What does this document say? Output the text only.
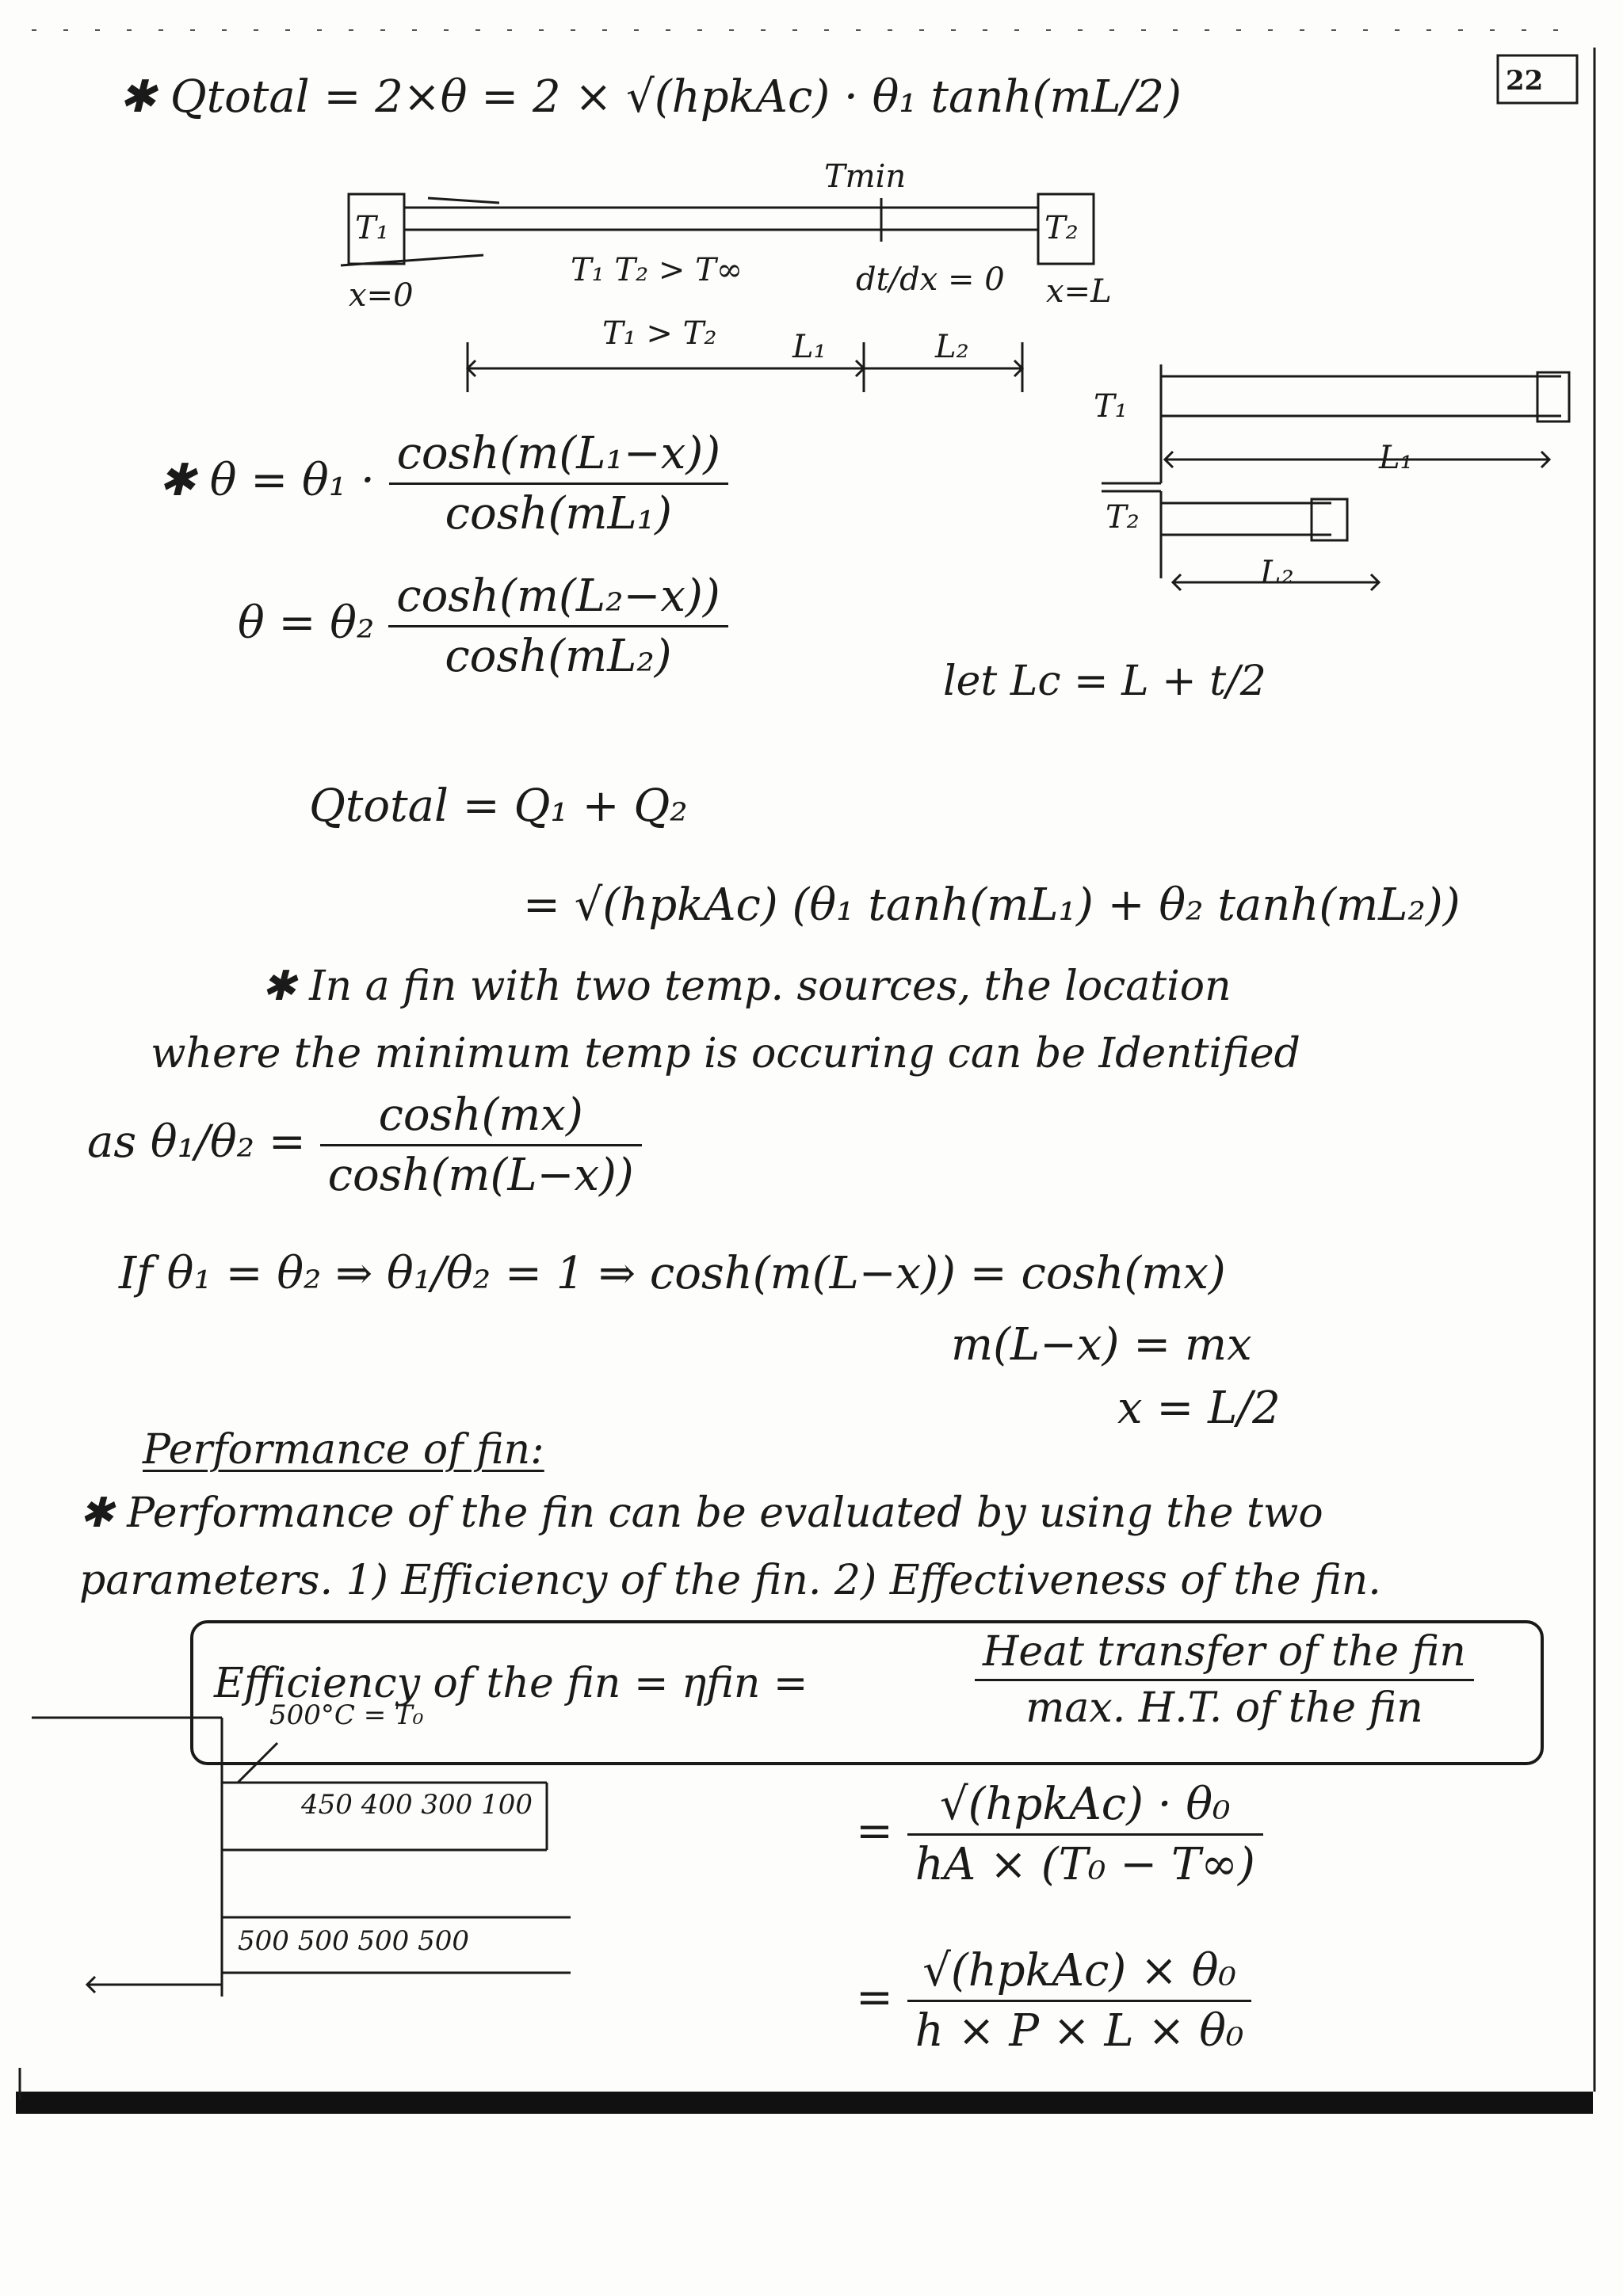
22
✱ Qtotal = 2×θ = 2 × √(hpkAc) · θ₁ tanh(mL/2)
Tmin
T₁	T₂
x=0
T₁ T₂ > T∞	dt/dx = 0 x=L
T₁ > T₂ L₁	L₂
T₁
L₁
T₂
L₂
✱ $\theta = \theta_1 \cdot \frac{\text{cosh(m(L₁−x))}}{\text{cosh(mL₁)}}$
$\theta = \theta_2 \frac{\text{cosh(m(L₂−x))}}{\text{cosh(mL₂)}}$	let Lc = L + t/2
Qtotal = Q₁ + Q₂
= √(hpkAc) (θ₁ tanh(mL₁) + θ₂ tanh(mL₂))
✱ In a fin with two temp. sources, the location
where the minimum temp is occuring can be Identified
as $\theta_1/\theta_2 = \frac{\cosh(mx)}{\cosh(m(L-x))}$
If θ₁ = θ₂ ⇒ θ₁/θ₂ = 1 ⇒ cosh(m(L−x)) = cosh(mx)
m(L−x) = mx
x = L/2
Performance of fin:
✱ Performance of the fin can be evaluated by using the two
parameters. 1) Efficiency of the fin. 2) Effectiveness of the fin.
Efficiency of the fin = ηfin =	$\frac{\text{Heat transfer of the fin}}{\text{max. H.T. of the fin}}$
500°C = T₀
450 400 300 100
500 500 500 500
= $\frac{\text{√(hpkAc) · θ₀}}{\text{hA × (T₀ − T∞)}}$
= $\frac{\text{√(hpkAc) × θ₀}}{\text{h × P × L × θ₀}}$
